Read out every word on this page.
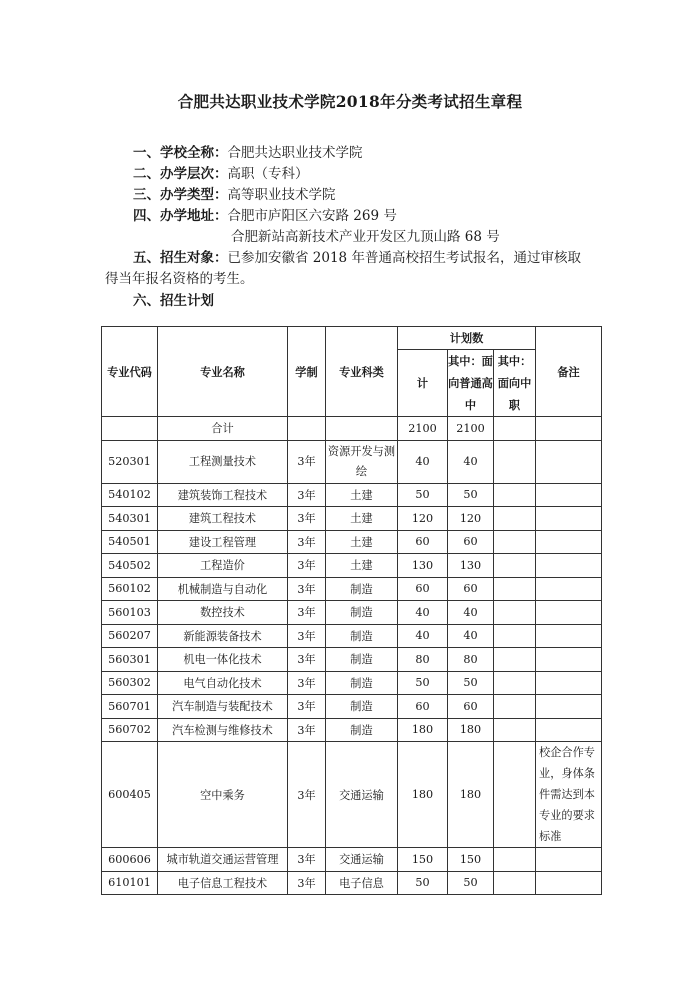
合肥共达职业技术学院2018年分类考试招生章程
一、学校全称：合肥共达职业技术学院
二、办学层次：高职（专科）
三、办学类型：高等职业技术学院
四、办学地址：合肥市庐阳区六安路 269 号
合肥新站高新技术产业开发区九顶山路 68 号
五、招生对象：已参加安徽省 2018 年普通高校招生考试报名，通过审核取
得当年报名资格的考生。
六、招生计划
专业代码	专业名称	学制	专业科类	计划数			备注
				计	其中：面向普通高中	其中：面向中职	
	合计			2100	2100		
520301	工程测量技术	3年	资源开发与测绘	40	40		
540102	建筑装饰工程技术	3年	土建	50	50		
540301	建筑工程技术	3年	土建	120	120		
540501	建设工程管理	3年	土建	60	60		
540502	工程造价	3年	土建	130	130		
560102	机械制造与自动化	3年	制造	60	60		
560103	数控技术	3年	制造	40	40		
560207	新能源装备技术	3年	制造	40	40		
560301	机电一体化技术	3年	制造	80	80		
560302	电气自动化技术	3年	制造	50	50		
560701	汽车制造与装配技术	3年	制造	60	60		
560702	汽车检测与维修技术	3年	制造	180	180		
600405	空中乘务	3年	交通运输	180	180		校企合作专业，身体条件需达到本专业的要求标准
600606	城市轨道交通运营管理	3年	交通运输	150	150		
610101	电子信息工程技术	3年	电子信息	50	50		
